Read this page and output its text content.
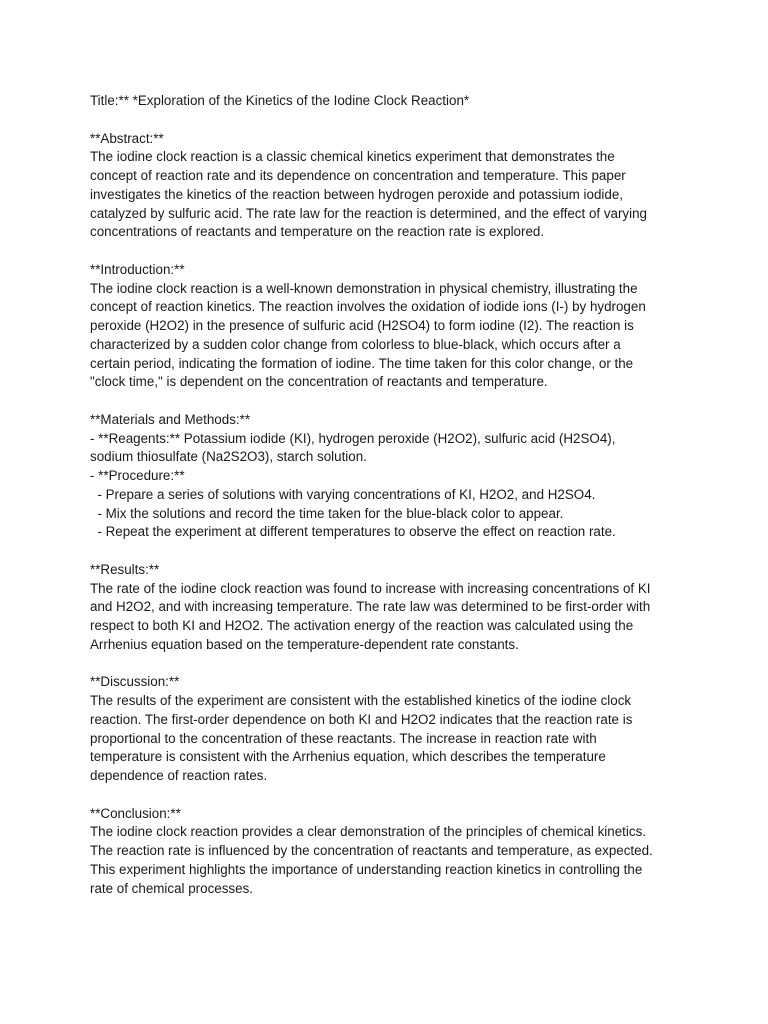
Title:** *Exploration of the Kinetics of the Iodine Clock Reaction*
**Abstract:**
The iodine clock reaction is a classic chemical kinetics experiment that demonstrates the
concept of reaction rate and its dependence on concentration and temperature. This paper
investigates the kinetics of the reaction between hydrogen peroxide and potassium iodide,
catalyzed by sulfuric acid. The rate law for the reaction is determined, and the effect of varying
concentrations of reactants and temperature on the reaction rate is explored.
**Introduction:**
The iodine clock reaction is a well-known demonstration in physical chemistry, illustrating the
concept of reaction kinetics. The reaction involves the oxidation of iodide ions (I-) by hydrogen
peroxide (H2O2) in the presence of sulfuric acid (H2SO4) to form iodine (I2). The reaction is
characterized by a sudden color change from colorless to blue-black, which occurs after a
certain period, indicating the formation of iodine. The time taken for this color change, or the
"clock time," is dependent on the concentration of reactants and temperature.
**Materials and Methods:**
- **Reagents:** Potassium iodide (KI), hydrogen peroxide (H2O2), sulfuric acid (H2SO4),
sodium thiosulfate (Na2S2O3), starch solution.
- **Procedure:**
- Prepare a series of solutions with varying concentrations of KI, H2O2, and H2SO4.
- Mix the solutions and record the time taken for the blue-black color to appear.
- Repeat the experiment at different temperatures to observe the effect on reaction rate.
**Results:**
The rate of the iodine clock reaction was found to increase with increasing concentrations of KI
and H2O2, and with increasing temperature. The rate law was determined to be first-order with
respect to both KI and H2O2. The activation energy of the reaction was calculated using the
Arrhenius equation based on the temperature-dependent rate constants.
**Discussion:**
The results of the experiment are consistent with the established kinetics of the iodine clock
reaction. The first-order dependence on both KI and H2O2 indicates that the reaction rate is
proportional to the concentration of these reactants. The increase in reaction rate with
temperature is consistent with the Arrhenius equation, which describes the temperature
dependence of reaction rates.
**Conclusion:**
The iodine clock reaction provides a clear demonstration of the principles of chemical kinetics.
The reaction rate is influenced by the concentration of reactants and temperature, as expected.
This experiment highlights the importance of understanding reaction kinetics in controlling the
rate of chemical processes.
